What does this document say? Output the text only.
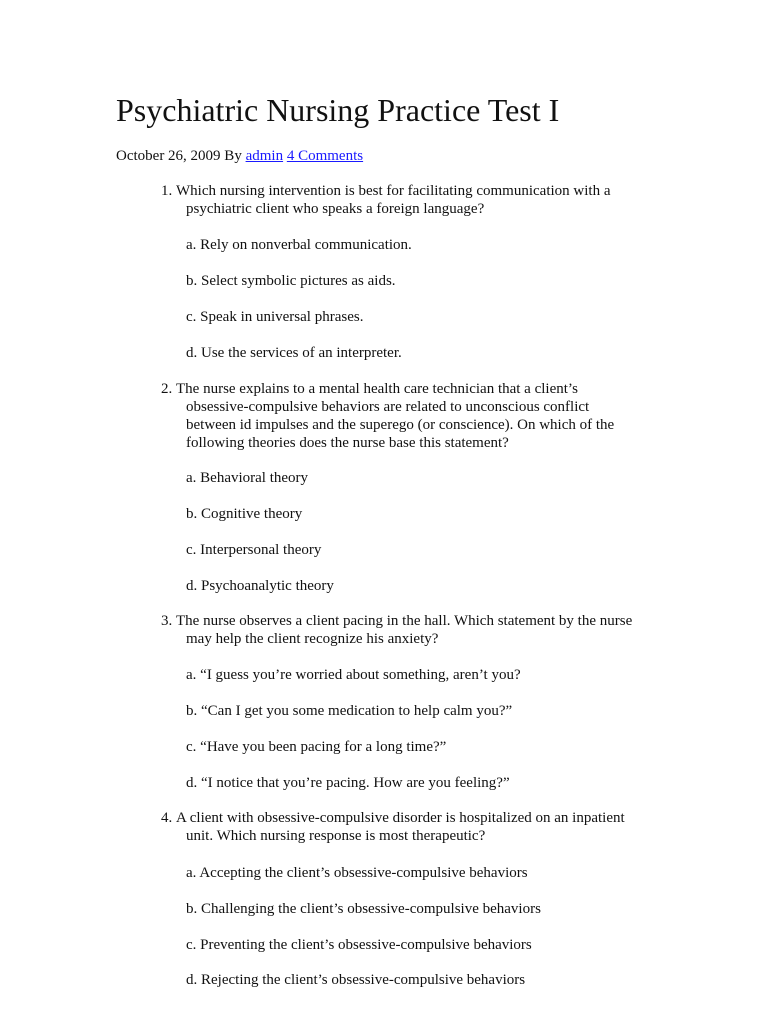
Psychiatric Nursing Practice Test I
October 26, 2009 By admin 4 Comments
1. Which nursing intervention is best for facilitating communication with a
psychiatric client who speaks a foreign language?
a. Rely on nonverbal communication.
b. Select symbolic pictures as aids.
c. Speak in universal phrases.
d. Use the services of an interpreter.
2. The nurse explains to a mental health care technician that a client’s
obsessive-compulsive behaviors are related to unconscious conflict
between id impulses and the superego (or conscience). On which of the
following theories does the nurse base this statement?
a. Behavioral theory
b. Cognitive theory
c. Interpersonal theory
d. Psychoanalytic theory
3. The nurse observes a client pacing in the hall. Which statement by the nurse
may help the client recognize his anxiety?
a. “I guess you’re worried about something, aren’t you?
b. “Can I get you some medication to help calm you?”
c. “Have you been pacing for a long time?”
d. “I notice that you’re pacing. How are you feeling?”
4. A client with obsessive-compulsive disorder is hospitalized on an inpatient
unit. Which nursing response is most therapeutic?
a. Accepting the client’s obsessive-compulsive behaviors
b. Challenging the client’s obsessive-compulsive behaviors
c. Preventing the client’s obsessive-compulsive behaviors
d. Rejecting the client’s obsessive-compulsive behaviors
